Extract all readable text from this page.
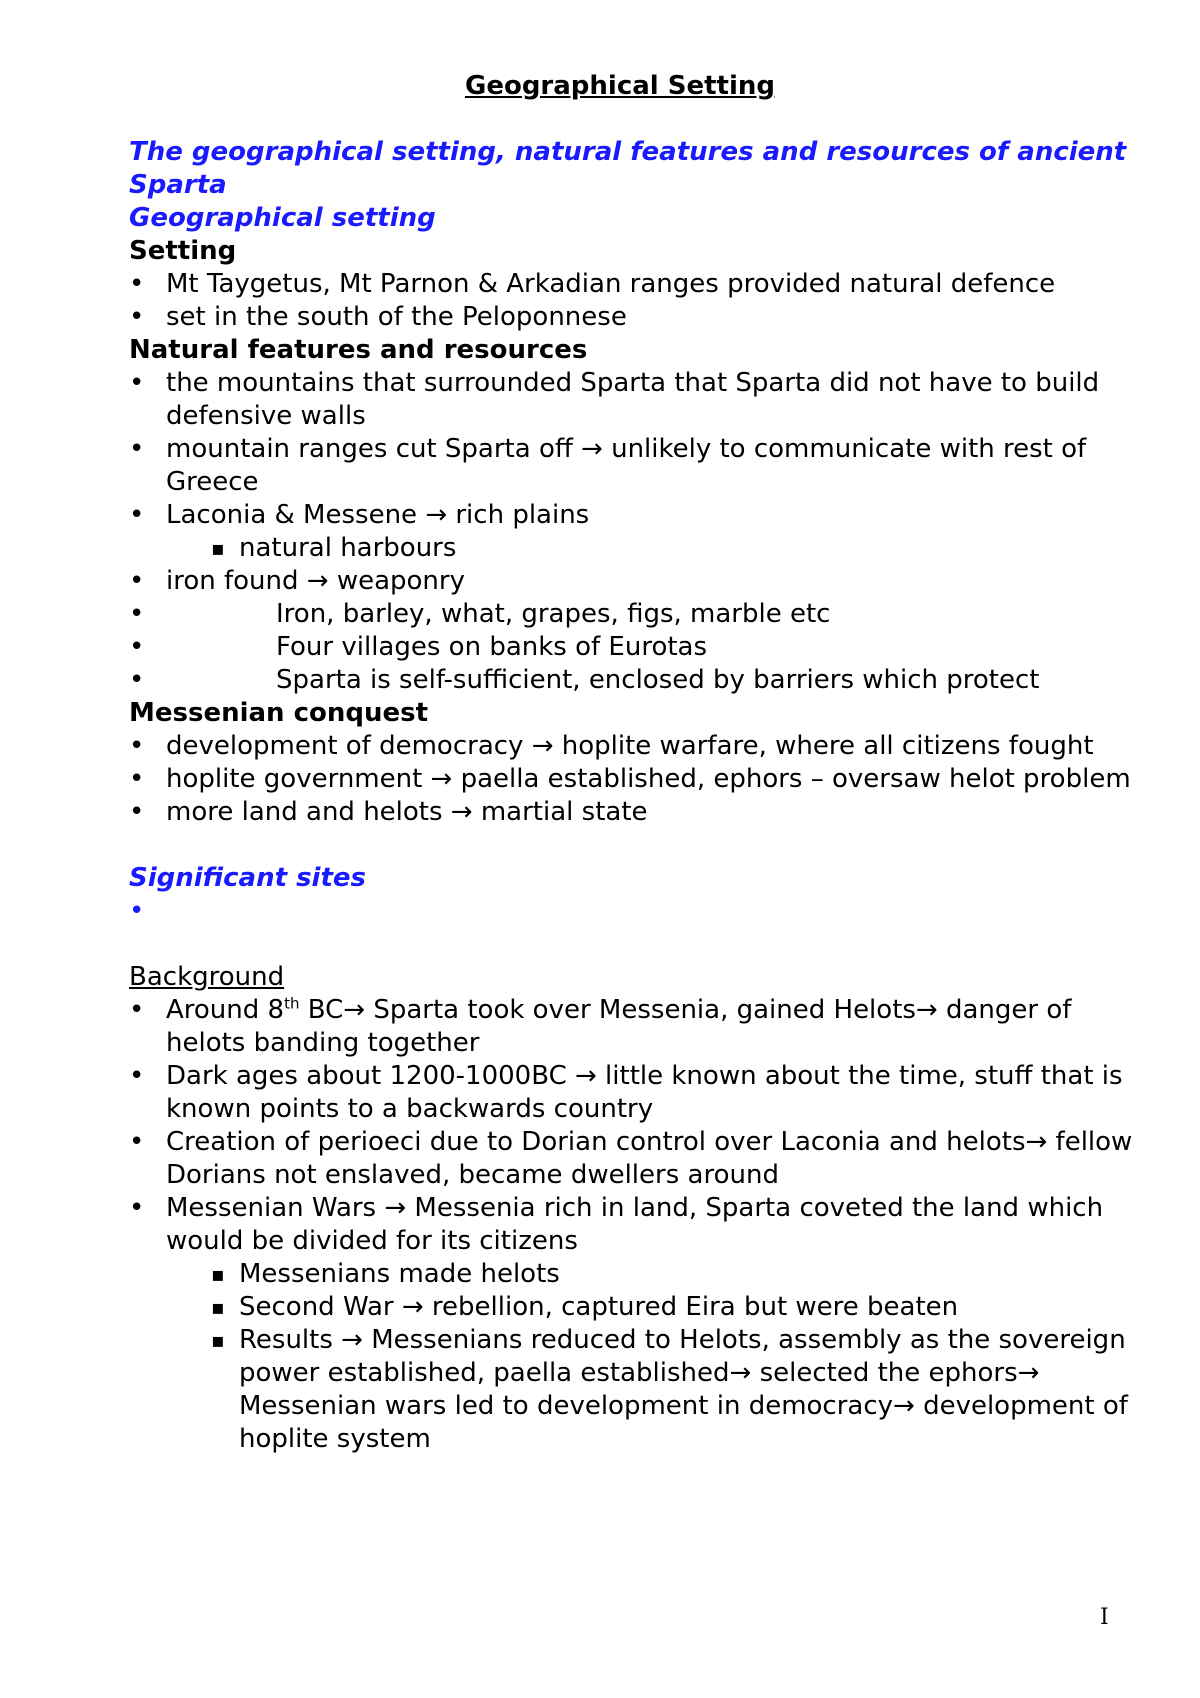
Geographical Setting
The geographical setting, natural features and resources of ancient Sparta
Geographical setting
Setting
• Mt Taygetus, Mt Parnon & Arkadian ranges provided natural defence
• set in the south of the Peloponnese
Natural features and resources
• the mountains that surrounded Sparta that Sparta did not have to build defensive walls
• mountain ranges cut Sparta off → unlikely to communicate with rest of Greece
• Laconia & Messene → rich plains
▪ natural harbours
• iron found → weaponry
• Iron, barley, what, grapes, figs, marble etc
• Four villages on banks of Eurotas
• Sparta is self-sufficient, enclosed by barriers which protect
Messenian conquest
• development of democracy → hoplite warfare, where all citizens fought
• hoplite government → paella established, ephors – oversaw helot problem
• more land and helots → martial state
Significant sites
•
Background
• Around 8th BC→ Sparta took over Messenia, gained Helots→ danger of helots banding together
• Dark ages about 1200-1000BC → little known about the time, stuff that is known points to a backwards country
• Creation of perioeci due to Dorian control over Laconia and helots→ fellow Dorians not enslaved, became dwellers around
• Messenian Wars → Messenia rich in land, Sparta coveted the land which would be divided for its citizens
▪ Messenians made helots
▪ Second War → rebellion, captured Eira but were beaten
▪ Results → Messenians reduced to Helots, assembly as the sovereign power established, paella established→ selected the ephors→ Messenian wars led to development in democracy→ development of hoplite system
I
